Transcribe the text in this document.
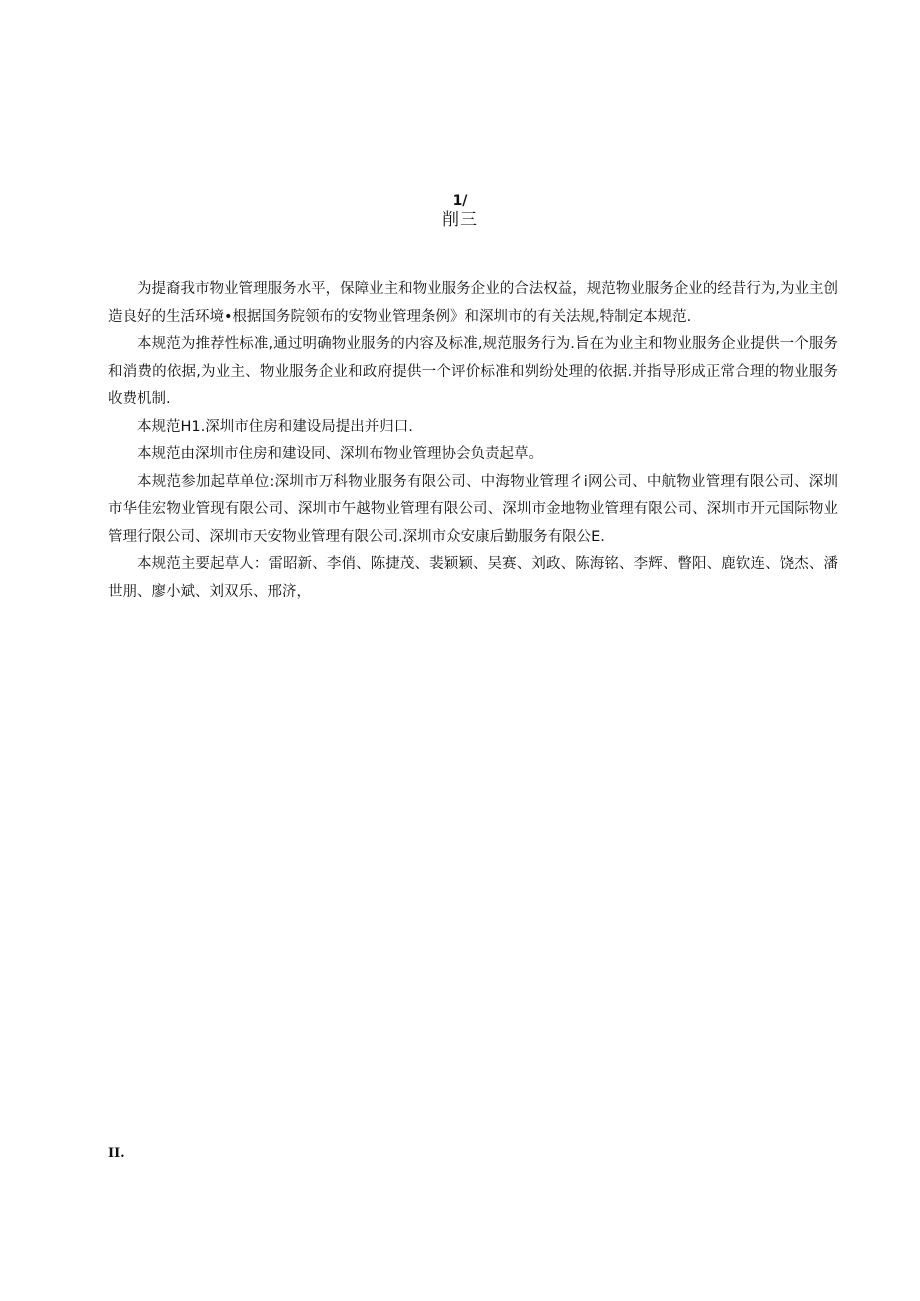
1/
削三

为提裔我市物业管理服务水平，保障业主和物业服务企业的合法权益，规范物业服务企业的经昔行为,为业主创造良好的生活环境•根据国务院领布的安物业管理条例》和深圳市的有关法规,特制定本规范.

本规范为推荐性标准,通过明确物业服务的内容及标准,规范服务行为.旨在为业主和物业服务企业提供一个服务和消费的依据,为业主、物业服务企业和政府提供一个评价标准和刿纷处理的依据.并指导形成正常合理的物业服务收费机制.

本规范H1.深圳市住房和建设局提出并归口.

本规范由深圳市住房和建设同、深圳布物业管理协会负责起草。

本规范参加起草单位:深圳市万科物业服务有限公司、中海物业管理彳i网公司、中航物业管理有限公司、深圳市华佳宏物业管现有限公司、深圳市午越物业管理有限公司、深圳市金地物业管理有限公司、深圳市开元国际物业管理行限公司、深圳市天安物业管理有限公司.深圳市众安康后勤服务有限公E.

本规范主要起草人：雷昭新、李俏、陈捷茂、裴颖颖、吴赛、刘政、陈海铭、李辉、瞥阳、鹿钦连、饶杰、潘世朋、廖小斌、刘双乐、邢济，

II.
